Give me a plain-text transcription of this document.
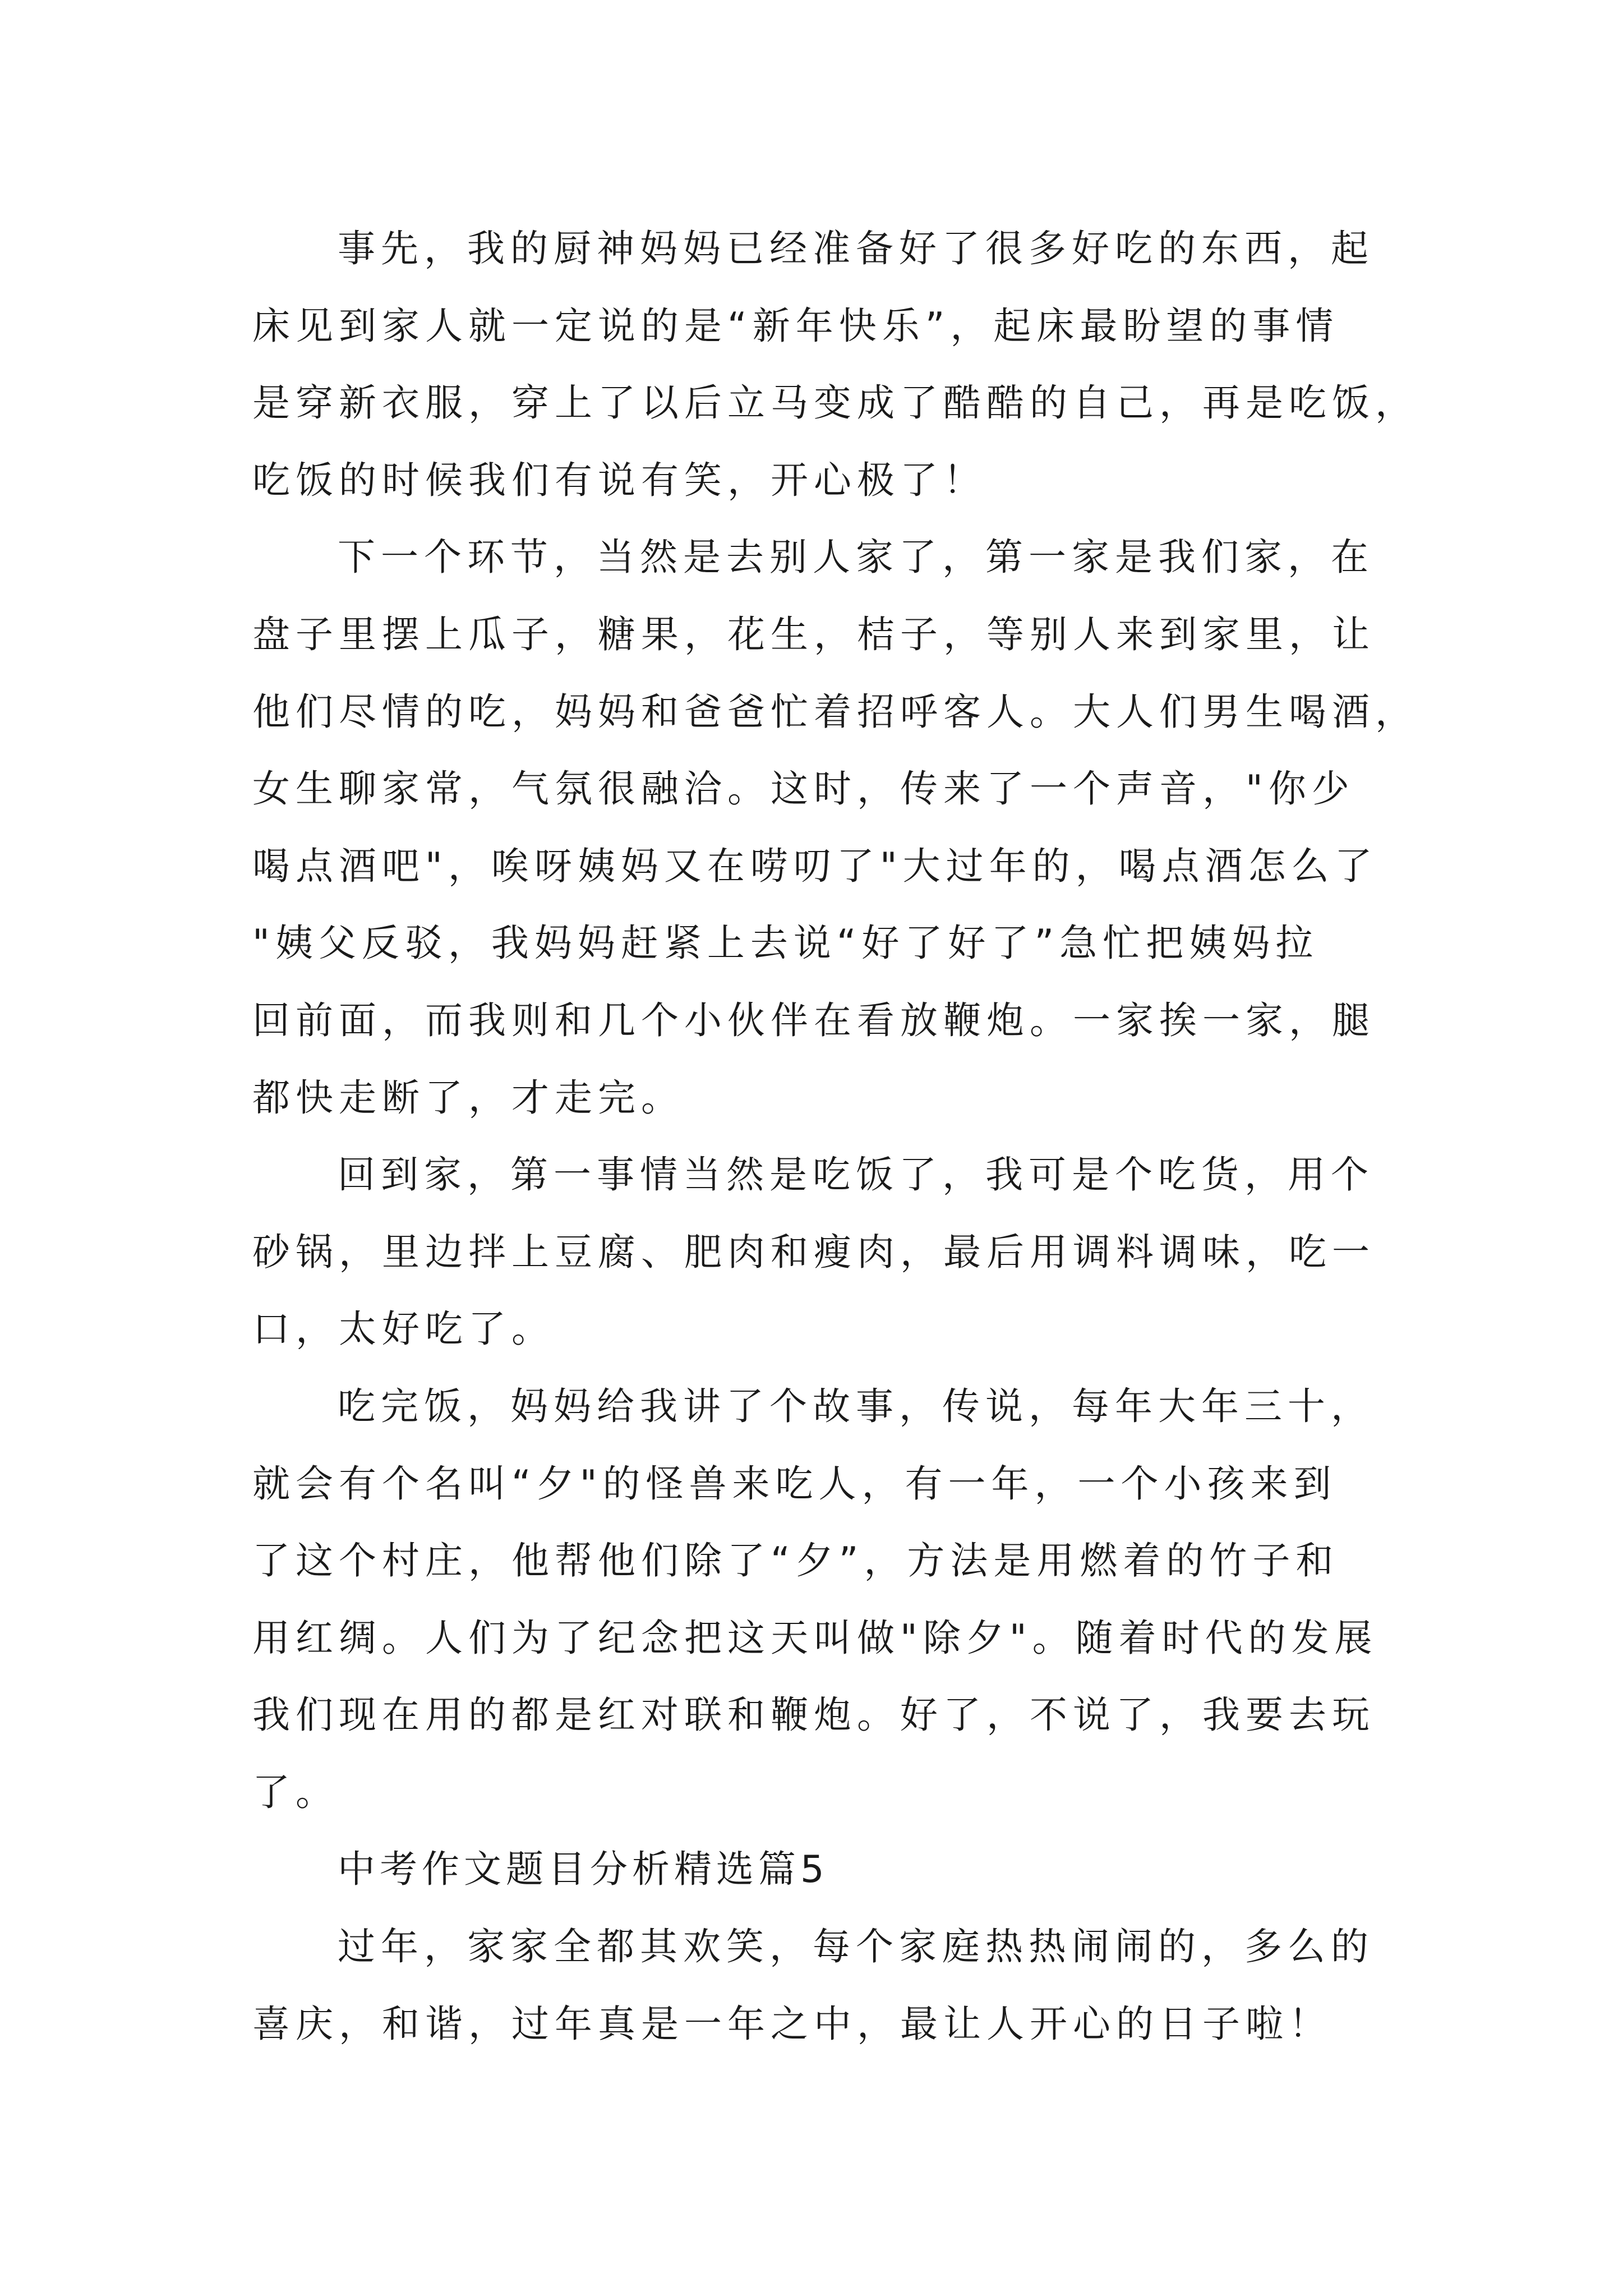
事先，我的厨神妈妈已经准备好了很多好吃的东西，起
床见到家人就一定说的是“新年快乐”，起床最盼望的事情
是穿新衣服，穿上了以后立马变成了酷酷的自己，再是吃饭，
吃饭的时候我们有说有笑，开心极了！
下一个环节，当然是去别人家了，第一家是我们家，在
盘子里摆上瓜子，糖果，花生，桔子，等别人来到家里，让
他们尽情的吃，妈妈和爸爸忙着招呼客人。大人们男生喝酒，
女生聊家常，气氛很融洽。这时，传来了一个声音，"你少
喝点酒吧"，唉呀姨妈又在唠叨了"大过年的，喝点酒怎么了
"姨父反驳，我妈妈赶紧上去说“好了好了”急忙把姨妈拉
回前面，而我则和几个小伙伴在看放鞭炮。一家挨一家，腿
都快走断了，才走完。
回到家，第一事情当然是吃饭了，我可是个吃货，用个
砂锅，里边拌上豆腐、肥肉和瘦肉，最后用调料调味，吃一
口，太好吃了。
吃完饭，妈妈给我讲了个故事，传说，每年大年三十，
就会有个名叫“夕"的怪兽来吃人，有一年，一个小孩来到
了这个村庄，他帮他们除了“夕”，方法是用燃着的竹子和
用红绸。人们为了纪念把这天叫做"除夕"。随着时代的发展
我们现在用的都是红对联和鞭炮。好了，不说了，我要去玩
了。
中考作文题目分析精选篇5
过年，家家全都其欢笑，每个家庭热热闹闹的，多么的
喜庆，和谐，过年真是一年之中，最让人开心的日子啦！
